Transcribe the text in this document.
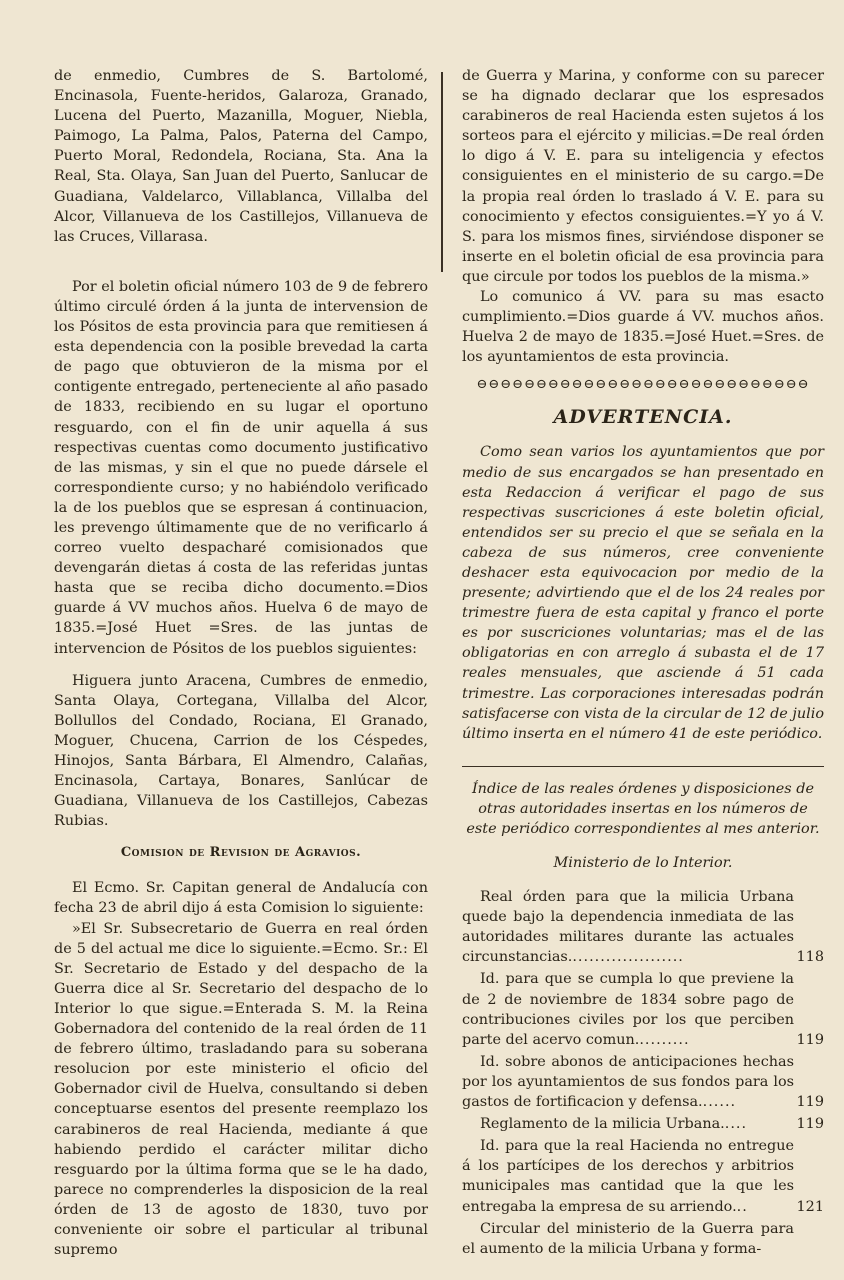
de enmedio, Cumbres de S. Bartolomé, Encinasola, Fuente-heridos, Galaroza, Granado, Lucena del Puerto, Mazanilla, Moguer, Niebla, Paimogo, La Palma, Palos, Paterna del Campo, Puerto Moral, Redondela, Rociana, Sta. Ana la Real, Sta. Olaya, San Juan del Puerto, Sanlucar de Guadiana, Valdelarco, Villablanca, Villalba del Alcor, Villanueva de los Castillejos, Villanueva de las Cruces, Villarasa.

Por el boletin oficial número 103 de 9 de febrero último circulé órden á la junta de intervension de los Pósitos de esta provincia para que remitiesen á esta dependencia con la posible brevedad la carta de pago que obtuvieron de la misma por el contigente entregado, perteneciente al año pasado de 1833, recibiendo en su lugar el oportuno resguardo, con el fin de unir aquella á sus respectivas cuentas como documento justificativo de las mismas, y sin el que no puede dársele el correspondiente curso; y no habiéndolo verificado la de los pueblos que se espresan á continuacion, les prevengo últimamente que de no verificarlo á correo vuelto despacharé comisionados que devengarán dietas á costa de las referidas juntas hasta que se reciba dicho documento.=Dios guarde á VV muchos años. Huelva 6 de mayo de 1835.=José Huet =Sres. de las juntas de intervencion de Pósitos de los pueblos siguientes:

Higuera junto Aracena, Cumbres de enmedio, Santa Olaya, Cortegana, Villalba del Alcor, Bollullos del Condado, Rociana, El Granado, Moguer, Chucena, Carrion de los Céspedes, Hinojos, Santa Bárbara, El Almendro, Calañas, Encinasola, Cartaya, Bonares, Sanlúcar de Guadiana, Villanueva de los Castillejos, Cabezas Rubias.

Comision de Revision de Agravios.

El Ecmo. Sr. Capitan general de Andalucía con fecha 23 de abril dijo á esta Comision lo siguiente:

»El Sr. Subsecretario de Guerra en real órden de 5 del actual me dice lo siguiente.=Ecmo. Sr.: El Sr. Secretario de Estado y del despacho de la Guerra dice al Sr. Secretario del despacho de lo Interior lo que sigue.=Enterada S. M. la Reina Gobernadora del contenido de la real órden de 11 de febrero último, trasladando para su soberana resolucion por este ministerio el oficio del Gobernador civil de Huelva, consultando si deben conceptuarse esentos del presente reemplazo los carabineros de real Hacienda, mediante á que habiendo perdido el carácter militar dicho resguardo por la última forma que se le ha dado, parece no comprenderles la disposicion de la real órden de 13 de agosto de 1830, tuvo por conveniente oir sobre el particular al tribunal supremo

de Guerra y Marina, y conforme con su parecer se ha dignado declarar que los espresados carabineros de real Hacienda esten sujetos á los sorteos para el ejército y milicias.=De real órden lo digo á V. E. para su inteligencia y efectos consiguientes en el ministerio de su cargo.=De la propia real órden lo traslado á V. E. para su conocimiento y efectos consiguientes.=Y yo á V. S. para los mismos fines, sirviéndose disponer se inserte en el boletin oficial de esa provincia para que circule por todos los pueblos de la misma.»

Lo comunico á VV. para su mas esacto cumplimiento.=Dios guarde á VV. muchos años. Huelva 2 de mayo de 1835.=José Huet.=Sres. de los ayuntamientos de esta provincia.

⊖⊖⊖⊖⊖⊖⊖⊖⊖⊖⊖⊖⊖⊖⊖⊖⊖⊖⊖⊖⊖⊖⊖⊖⊖⊖⊖⊖
ADVERTENCIA.

Como sean varios los ayuntamientos que por medio de sus encargados se han presentado en esta Redaccion á verificar el pago de sus respectivas suscriciones á este boletin oficial, entendidos ser su precio el que se señala en la cabeza de sus números, cree conveniente deshacer esta equivocacion por medio de la presente; advirtiendo que el de los 24 reales por trimestre fuera de esta capital y franco el porte es por suscriciones voluntarias; mas el de las obligatorias en con arreglo á subasta el de 17 reales mensuales, que asciende á 51 cada trimestre. Las corporaciones interesadas podrán satisfacerse con vista de la circular de 12 de julio último inserta en el número 41 de este periódico.

Índice de las reales órdenes y disposiciones de otras autoridades insertas en los números de este periódico correspondientes al mes anterior.

Ministerio de lo Interior.

Real órden para que la milicia Urbana quede bajo la dependencia inmediata de las autoridades militares durante las actuales circunstancias.....................	118

Id. para que se cumpla lo que previene la de 2 de noviembre de 1834 sobre pago de contribuciones civiles por los que perciben parte del acervo comun..........	119

Id. sobre abonos de anticipaciones hechas por los ayuntamientos de sus fondos para los gastos de fortificacion y defensa.......	119

Reglamento de la milicia Urbana.....	119

Id. para que la real Hacienda no entregue á los partícipes de los derechos y arbitrios municipales mas cantidad que la que les entregaba la empresa de su arriendo...	121

Circular del ministerio de la Guerra para el aumento de la milicia Urbana y forma-
